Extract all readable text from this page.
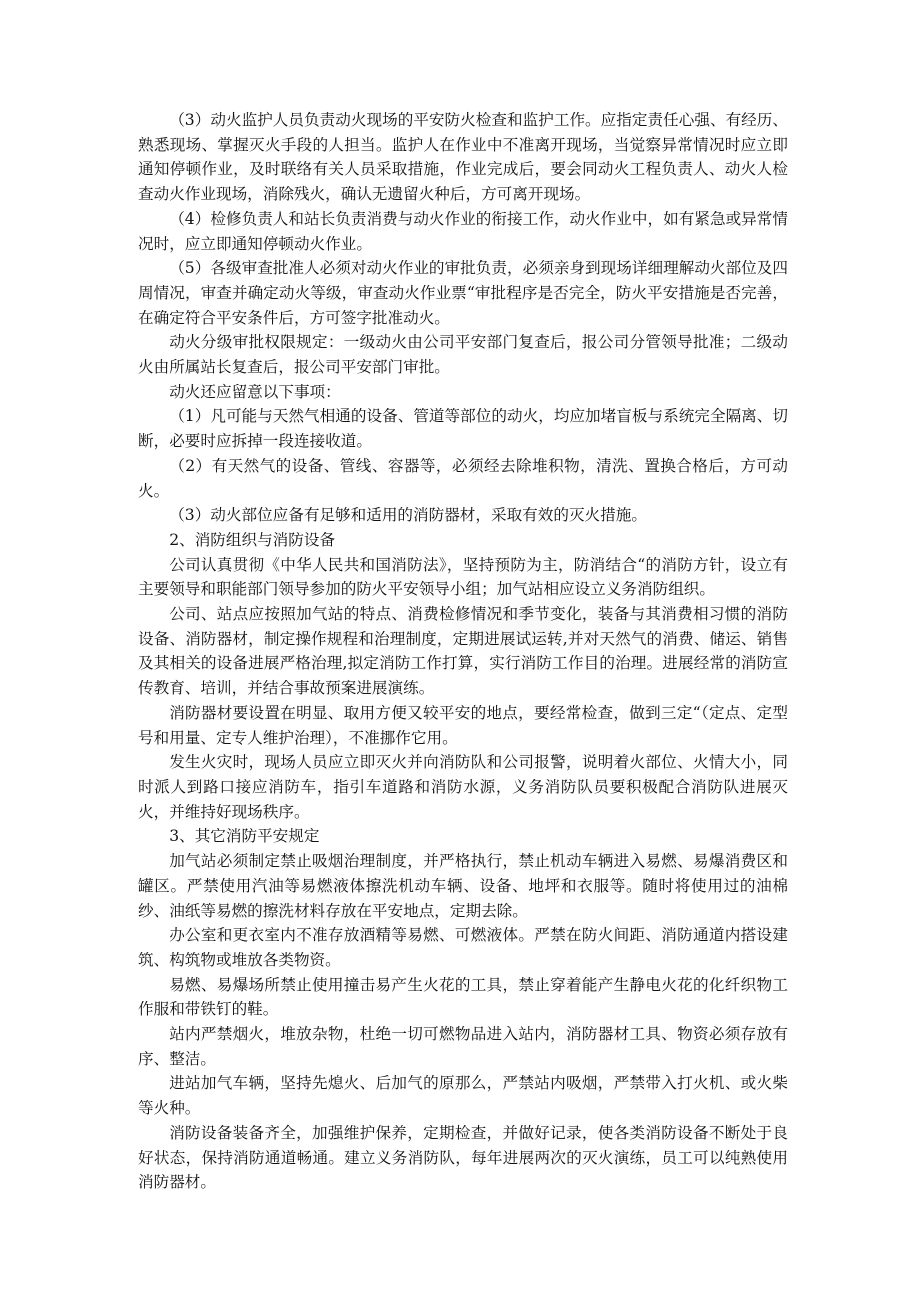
（3）动火监护人员负责动火现场的平安防火检查和监护工作。应指定责任心强、有经历、熟悉现场、掌握灭火手段的人担当。监护人在作业中不准离开现场，当觉察异常情况时应立即通知停顿作业，及时联络有关人员采取措施，作业完成后，要会同动火工程负责人、动火人检查动火作业现场，消除残火，确认无遗留火种后，方可离开现场。

（4）检修负责人和站长负责消费与动火作业的衔接工作，动火作业中，如有紧急或异常情况时，应立即通知停顿动火作业。

（5）各级审查批准人必须对动火作业的审批负责，必须亲身到现场详细理解动火部位及四周情况，审查并确定动火等级，审查动火作业票“审批程序是否完全，防火平安措施是否完善，在确定符合平安条件后，方可签字批准动火。

动火分级审批权限规定：一级动火由公司平安部门复查后，报公司分管领导批准；二级动火由所属站长复查后，报公司平安部门审批。

动火还应留意以下事项：

（1）凡可能与天然气相通的设备、管道等部位的动火，均应加堵盲板与系统完全隔离、切断，必要时应拆掉一段连接收道。

（2）有天然气的设备、管线、容器等，必须经去除堆积物，清洗、置换合格后，方可动火。

（3）动火部位应备有足够和适用的消防器材，采取有效的灭火措施。

2、消防组织与消防设备

公司认真贯彻《中华人民共和国消防法》，坚持预防为主，防消结合“的消防方针，设立有主要领导和职能部门领导参加的防火平安领导小组；加气站相应设立义务消防组织。

公司、站点应按照加气站的特点、消费检修情况和季节变化，装备与其消费相习惯的消防设备、消防器材，制定操作规程和治理制度，定期进展试运转,并对天然气的消费、储运、销售及其相关的设备进展严格治理,拟定消防工作打算，实行消防工作目的治理。进展经常的消防宣传教育、培训，并结合事故预案进展演练。

消防器材要设置在明显、取用方便又较平安的地点，要经常检查，做到三定“（定点、定型号和用量、定专人维护治理），不准挪作它用。

发生火灾时，现场人员应立即灭火并向消防队和公司报警，说明着火部位、火情大小，同时派人到路口接应消防车，指引车道路和消防水源，义务消防队员要积极配合消防队进展灭火，并维持好现场秩序。

3、其它消防平安规定

加气站必须制定禁止吸烟治理制度，并严格执行，禁止机动车辆进入易燃、易爆消费区和罐区。严禁使用汽油等易燃液体擦洗机动车辆、设备、地坪和衣服等。随时将使用过的油棉纱、油纸等易燃的擦洗材料存放在平安地点，定期去除。

办公室和更衣室内不准存放酒精等易燃、可燃液体。严禁在防火间距、消防通道内搭设建筑、构筑物或堆放各类物资。

易燃、易爆场所禁止使用撞击易产生火花的工具，禁止穿着能产生静电火花的化纤织物工作服和带铁钉的鞋。

站内严禁烟火，堆放杂物，杜绝一切可燃物品进入站内，消防器材工具、物资必须存放有序、整洁。

进站加气车辆，坚持先熄火、后加气的原那么，严禁站内吸烟，严禁带入打火机、或火柴等火种。

消防设备装备齐全，加强维护保养，定期检查，并做好记录，使各类消防设备不断处于良好状态，保持消防通道畅通。建立义务消防队，每年进展两次的灭火演练，员工可以纯熟使用消防器材。
